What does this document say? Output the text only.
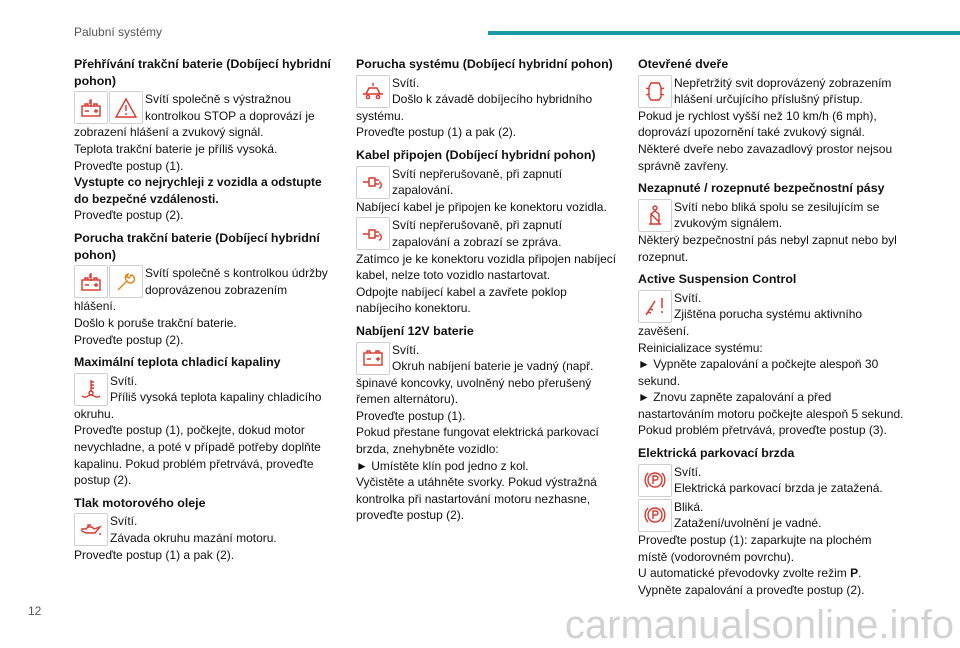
Palubní systémy
Přehřívání trakční baterie (Dobíjecí hybridní pohon)
Svítí společně s výstražnou kontrolkou STOP a doprovází je

zobrazení hlášení a zvukový signál.

Teplota trakční baterie je příliš vysoká.

Proveďte postup (1).

Vystupte co nejrychleji z vozidla a odstupte do bezpečné vzdálenosti.

Proveďte postup (2).

Porucha trakční baterie (Dobíjecí hybridní pohon)
Svítí společně s kontrolkou údržby doprovázenou zobrazením

hlášení.

Došlo k poruše trakční baterie.

Proveďte postup (2).

Maximální teplota chladicí kapaliny
Svítí.
Příliš vysoká teplota kapaliny chladicího

okruhu.

Proveďte postup (1), počkejte, dokud motor nevychladne, a poté v případě potřeby doplňte kapalinu. Pokud problém přetrvává, proveďte postup (2).

Tlak motorového oleje
Svítí.
Závada okruhu mazání motoru.

Proveďte postup (1) a pak (2).

Porucha systému (Dobíjecí hybridní pohon)
Svítí.
Došlo k závadě dobíjecího hybridního

systému.

Proveďte postup (1) a pak (2).

Kabel připojen (Dobíjecí hybridní pohon)
Svítí nepřerušovaně, při zapnutí zapalování.

Nabíjecí kabel je připojen ke konektoru vozidla.

Svítí nepřerušovaně, při zapnutí zapalování a zobrazí se zpráva.

Zatímco je ke konektoru vozidla připojen nabíjecí kabel, nelze toto vozidlo nastartovat.

Odpojte nabíjecí kabel a zavřete poklop nabíjecího konektoru.

Nabíjení 12V baterie
Svítí.
Okruh nabíjení baterie je vadný (např.

špinavé koncovky, uvolněný nebo přerušený řemen alternátoru).

Proveďte postup (1).

Pokud přestane fungovat elektrická parkovací brzda, znehybněte vozidlo:

► Umístěte klín pod jedno z kol.

Vyčistěte a utáhněte svorky. Pokud výstražná kontrolka při nastartování motoru nezhasne, proveďte postup (2).

Otevřené dveře
Nepřetržitý svit doprovázený zobrazením hlášení určujícího příslušný přístup.

Pokud je rychlost vyšší než 10 km/h (6 mph), doprovází upozornění také zvukový signál.

Některé dveře nebo zavazadlový prostor nejsou správně zavřeny.

Nezapnuté / rozepnuté bezpečnostní pásy
Svítí nebo bliká spolu se zesilujícím se zvukovým signálem.

Některý bezpečnostní pás nebyl zapnut nebo byl rozepnut.

Active Suspension Control
Svítí.
Zjištěna porucha systému aktivního

zavěšení.

Reinicializace systému:

► Vypněte zapalování a počkejte alespoň 30 sekund.

► Znovu zapněte zapalování a před nastartováním motoru počkejte alespoň 5 sekund.

Pokud problém přetrvává, proveďte postup (3).

Elektrická parkovací brzda
Svítí.
Elektrická parkovací brzda je zatažená.
Bliká.
Zatažení/uvolnění je vadné.

Proveďte postup (1): zaparkujte na plochém místě (vodorovném povrchu).

U automatické převodovky zvolte režim P.

Vypněte zapalování a proveďte postup (2).

12	carmanualsonline.info
